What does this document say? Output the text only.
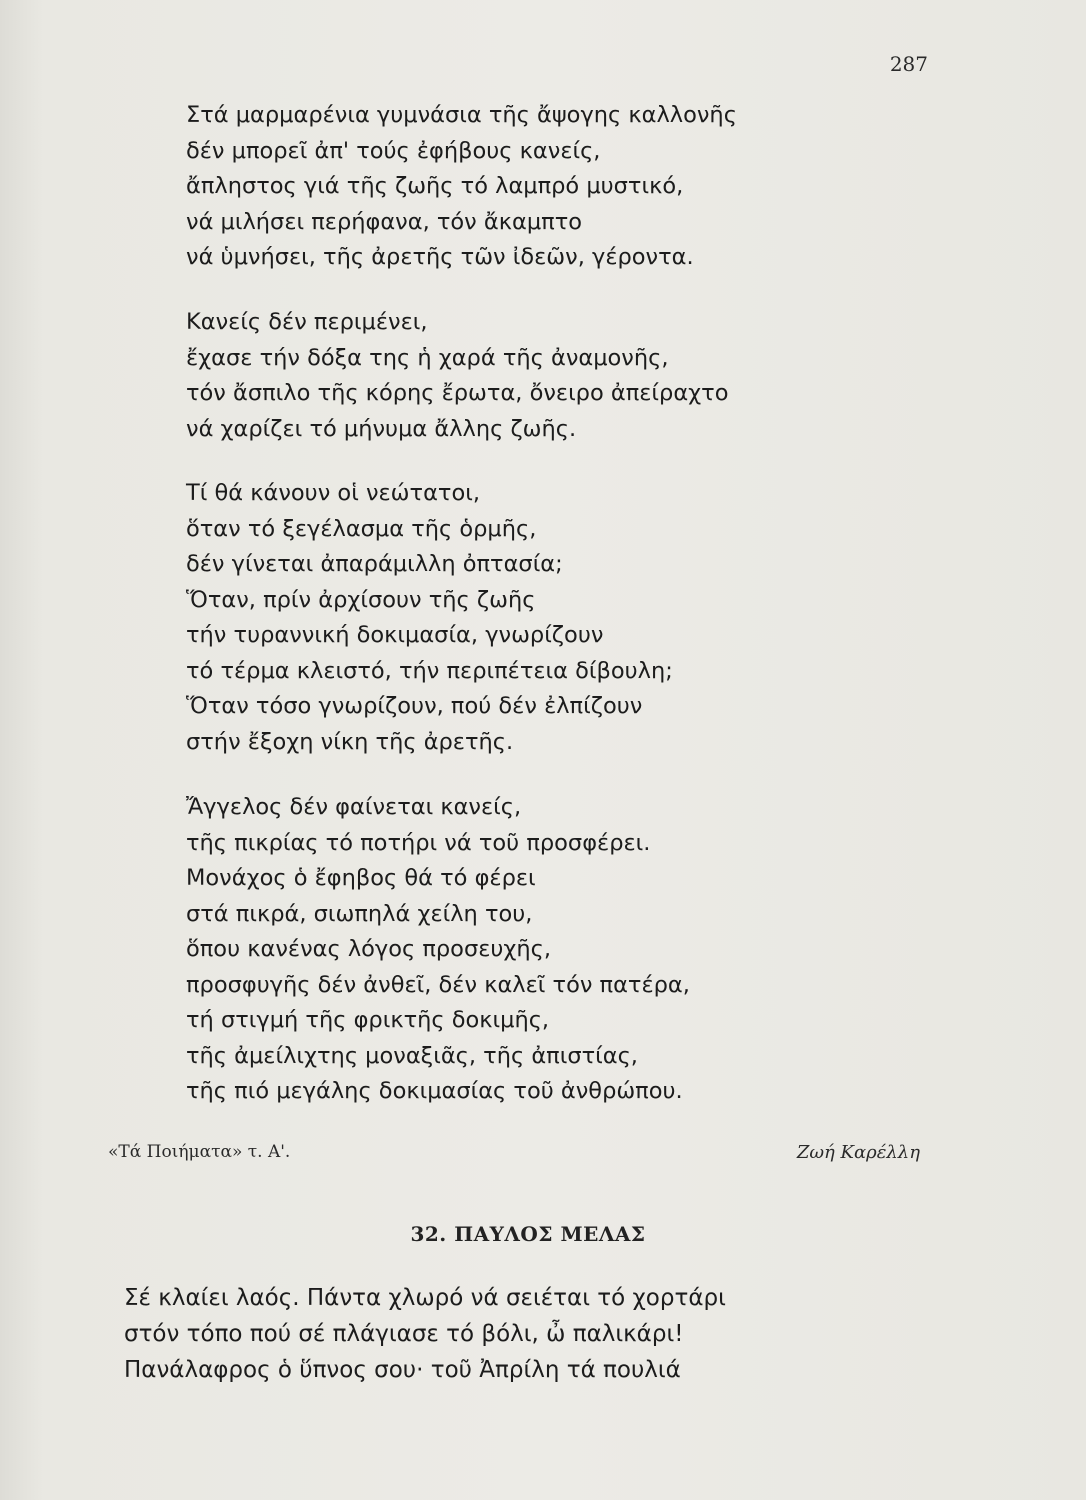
287
Στά μαρμαρένια γυμνάσια τῆς ἄψογης καλλονῆς
δέν μπορεῖ ἀπ' τούς ἐφήβους κανείς,
ἄπληστος γιά τῆς ζωῆς τό λαμπρό μυστικό,
νά μιλήσει περήφανα, τόν ἄκαμπτο
νά ὑμνήσει, τῆς ἀρετῆς τῶν ἰδεῶν, γέροντα.
Κανείς δέν περιμένει,
ἔχασε τήν δόξα της ἡ χαρά τῆς ἀναμονῆς,
τόν ἄσπιλο τῆς κόρης ἔρωτα, ὄνειρο ἀπείραχτο
νά χαρίζει τό μήνυμα ἄλλης ζωῆς.
Τί θά κάνουν οἱ νεώτατοι,
ὅταν τό ξεγέλασμα τῆς ὁρμῆς,
δέν γίνεται ἀπαράμιλλη ὀπτασία;
Ὅταν, πρίν ἀρχίσουν τῆς ζωῆς
τήν τυραννική δοκιμασία, γνωρίζουν
τό τέρμα κλειστό, τήν περιπέτεια δίβουλη;
Ὅταν τόσο γνωρίζουν, πού δέν ἐλπίζουν
στήν ἔξοχη νίκη τῆς ἀρετῆς.
Ἄγγελος δέν φαίνεται κανείς,
τῆς πικρίας τό ποτήρι νά τοῦ προσφέρει.
Μονάχος ὁ ἔφηβος θά τό φέρει
στά πικρά, σιωπηλά χείλη του,
ὅπου κανένας λόγος προσευχῆς,
προσφυγῆς δέν ἀνθεῖ, δέν καλεῖ τόν πατέρα,
τή στιγμή τῆς φρικτῆς δοκιμῆς,
τῆς ἀμείλιχτης μοναξιᾶς, τῆς ἀπιστίας,
τῆς πιό μεγάλης δοκιμασίας τοῦ ἀνθρώπου.
«Τά Ποιήματα» τ. Α'.	Ζωή Καρέλλη
32. ΠΑΥΛΟΣ ΜΕΛΑΣ
Σέ κλαίει λαός. Πάντα χλωρό νά σειέται τό χορτάρι
στόν τόπο πού σέ πλάγιασε τό βόλι, ὦ παλικάρι!
Πανάλαφρος ὁ ὕπνος σου· τοῦ Ἀπρίλη τά πουλιά
